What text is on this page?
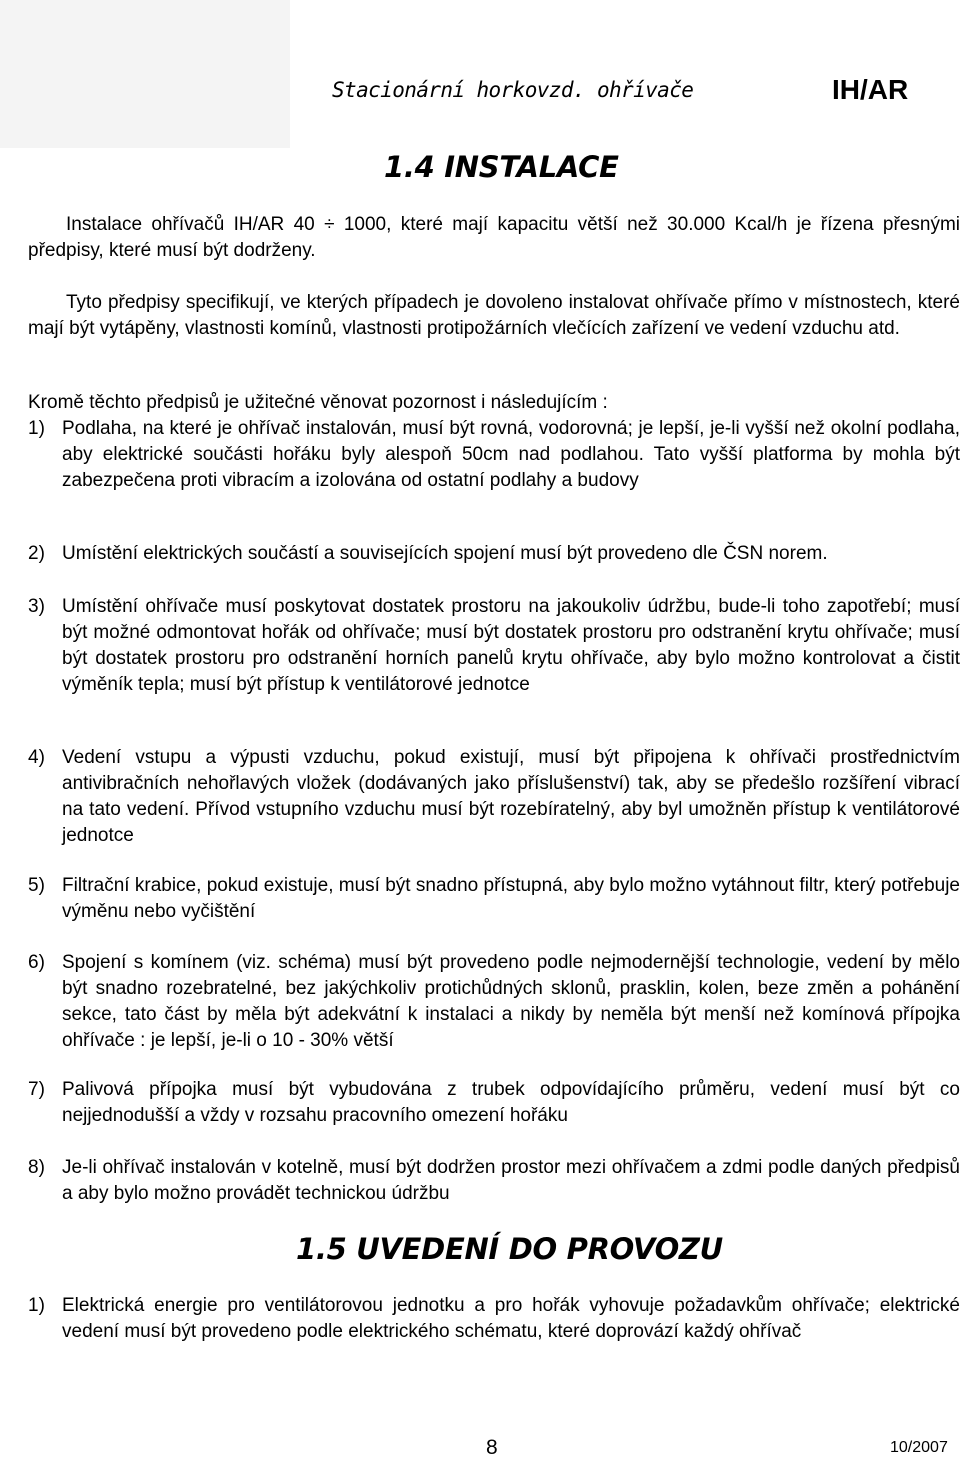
Stacionární horkovzd. ohřívače	IH/AR
1.4 INSTALACE
Instalace ohřívačů IH/AR 40 ÷ 1000, které mají kapacitu větší než 30.000 Kcal/h je řízena přesnými předpisy, které musí být dodrženy.
Tyto předpisy specifikují, ve kterých případech je dovoleno instalovat ohřívače přímo v místnostech, které mají být vytápěny, vlastnosti komínů, vlastnosti protipožárních vlečících zařízení ve vedení vzduchu atd.
Kromě těchto předpisů je užitečné věnovat pozornost i následujícím :
1) Podlaha, na které je ohřívač instalován, musí být rovná, vodorovná; je lepší, je-li vyšší než okolní podlaha, aby elektrické součásti hořáku byly alespoň 50cm nad podlahou. Tato vyšší platforma by mohla být zabezpečena proti vibracím a izolována od ostatní podlahy a budovy
2) Umístění elektrických součástí a souvisejících spojení musí být provedeno dle ČSN norem.
3) Umístění ohřívače musí poskytovat dostatek prostoru na jakoukoliv údržbu, bude-li toho zapotřebí; musí být možné odmontovat hořák od ohřívače; musí být dostatek prostoru pro odstranění krytu ohřívače; musí být dostatek prostoru pro odstranění horních panelů krytu ohřívače, aby bylo možno kontrolovat a čistit výměník tepla; musí být přístup k ventilátorové jednotce
4) Vedení vstupu a výpusti vzduchu, pokud existují, musí být připojena k ohřívači prostřednictvím antivibračních nehořlavých vložek (dodávaných jako příslušenství) tak, aby se předešlo rozšíření vibrací na tato vedení. Přívod vstupního vzduchu musí být rozebíratelný, aby byl umožněn přístup k ventilátorové jednotce
5) Filtrační krabice, pokud existuje, musí být snadno přístupná, aby bylo možno vytáhnout filtr, který potřebuje výměnu nebo vyčištění
6) Spojení s komínem (viz. schéma) musí být provedeno podle nejmodernější technologie, vedení by mělo být snadno rozebratelné, bez jakýchkoliv protichůdných sklonů, prasklin, kolen, beze změn a pohánění sekce, tato část by měla být adekvátní k instalaci a nikdy by neměla být menší než komínová přípojka ohřívače : je lepší, je-li o 10 - 30% větší
7) Palivová přípojka musí být vybudována z trubek odpovídajícího průměru, vedení musí být co nejjednodušší a vždy v rozsahu pracovního omezení hořáku
8) Je-li ohřívač instalován v kotelně, musí být dodržen prostor mezi ohřívačem a zdmi podle daných předpisů a aby bylo možno provádět technickou údržbu
1.5 UVEDENÍ DO PROVOZU
1) Elektrická energie pro ventilátorovou jednotku a pro hořák vyhovuje požadavkům ohřívače; elektrické vedení musí být provedeno podle elektrického schématu, které doprovází každý ohřívač
8	10/2007
